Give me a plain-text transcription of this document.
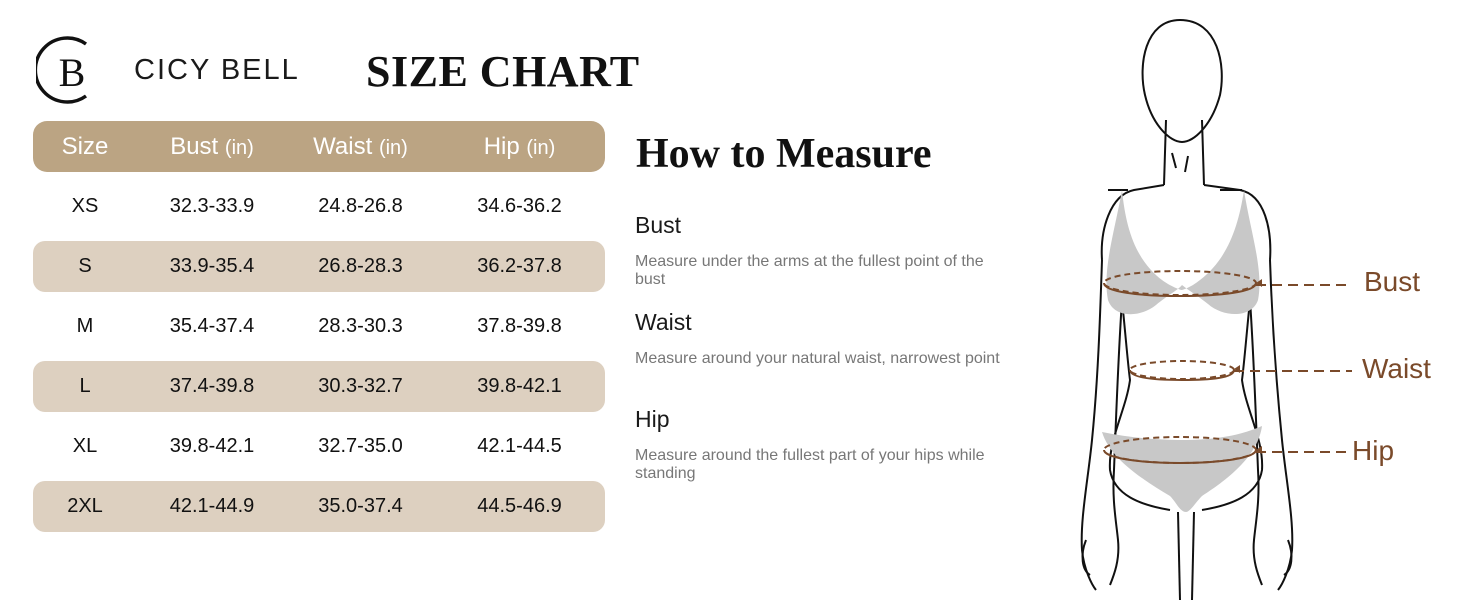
B CICY BELL SIZE CHART
Size	Bust (in)	Waist (in)	Hip (in)
XS	32.3-33.9	24.8-26.8	34.6-36.2
S	33.9-35.4	26.8-28.3	36.2-37.8
M	35.4-37.4	28.3-30.3	37.8-39.8
L	37.4-39.8	30.3-32.7	39.8-42.1
XL	39.8-42.1	32.7-35.0	42.1-44.5
2XL	42.1-44.9	35.0-37.4	44.5-46.9
How to Measure
Bust
Measure under the arms at the fullest point of the bust
Waist
Measure around your natural waist, narrowest point
Hip
Measure around the fullest part of your hips while standing
Bust
Waist
Hip
